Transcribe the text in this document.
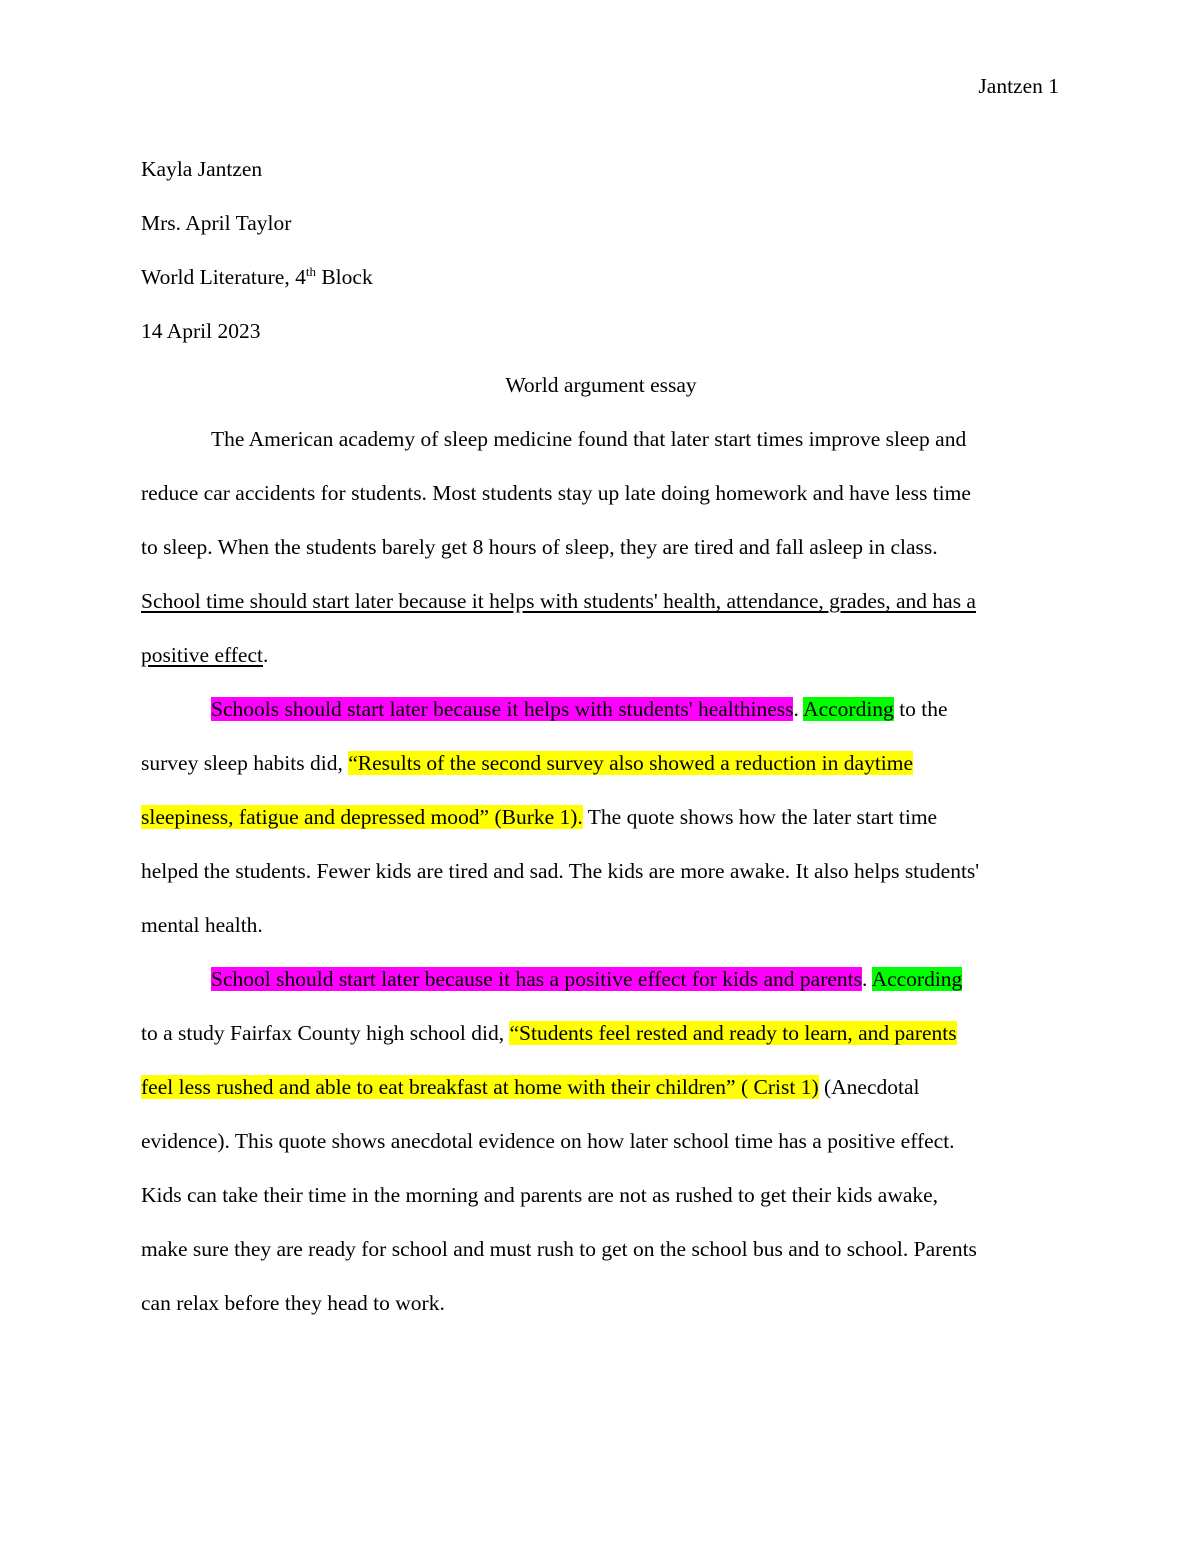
Jantzen 1

Kayla Jantzen

Mrs. April Taylor

World Literature, 4th Block

14 April 2023

World argument essay

The American academy of sleep medicine found that later start times improve sleep and

reduce car accidents for students. Most students stay up late doing homework and have less time

to sleep. When the students barely get 8 hours of sleep, they are tired and fall asleep in class.

School time should start later because it helps with students' health, attendance, grades, and has a

positive effect.

Schools should start later because it helps with students' healthiness. According to the

survey sleep habits did, “Results of the second survey also showed a reduction in daytime

sleepiness, fatigue and depressed mood” (Burke 1). The quote shows how the later start time

helped the students. Fewer kids are tired and sad. The kids are more awake. It also helps students'

mental health.

School should start later because it has a positive effect for kids and parents. According

to a study Fairfax County high school did, “Students feel rested and ready to learn, and parents

feel less rushed and able to eat breakfast at home with their children” ( Crist 1) (Anecdotal

evidence). This quote shows anecdotal evidence on how later school time has a positive effect.

Kids can take their time in the morning and parents are not as rushed to get their kids awake,

make sure they are ready for school and must rush to get on the school bus and to school. Parents

can relax before they head to work.
